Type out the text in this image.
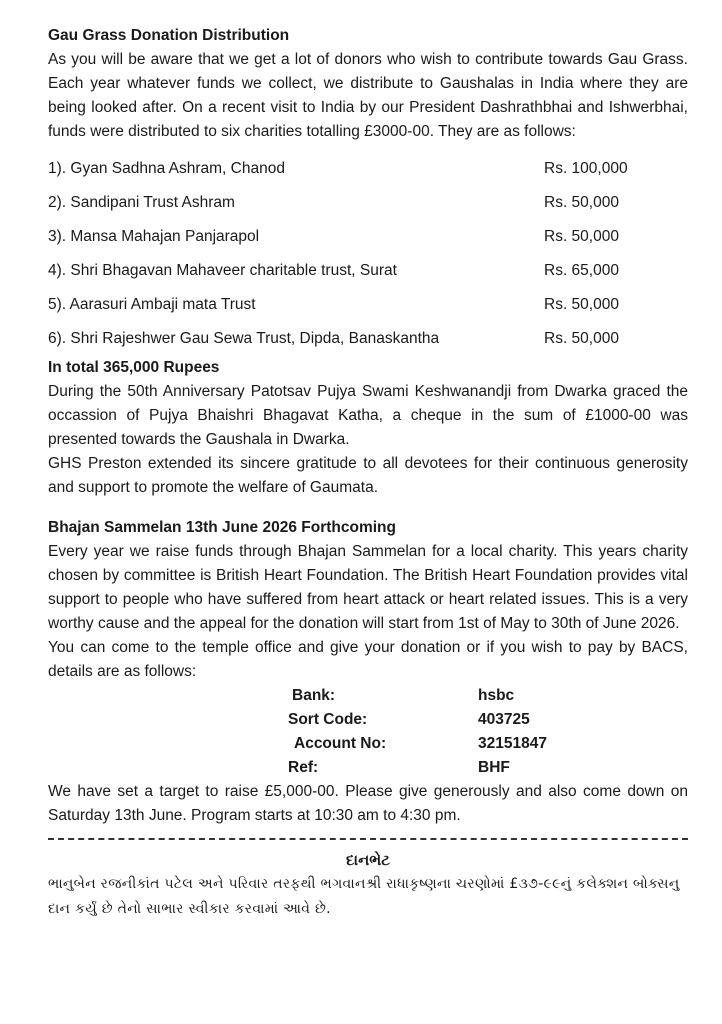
Gau Grass Donation Distribution

As you will be aware that we get a lot of donors who wish to contribute towards Gau Grass. Each year whatever funds we collect, we distribute to Gaushalas in India where they are being looked after. On a recent visit to India by our President Dashrathbhai and Ishwerbhai, funds were distributed to six charities totalling £3000-00. They are as follows:

1). Gyan Sadhna Ashram, Chanod	Rs. 100,000
2). Sandipani Trust Ashram	Rs. 50,000
3). Mansa Mahajan Panjarapol	Rs. 50,000
4). Shri Bhagavan Mahaveer charitable trust, Surat	Rs. 65,000
5). Aarasuri Ambaji mata Trust	Rs. 50,000
6). Shri Rajeshwer Gau Sewa Trust, Dipda, Banaskantha	Rs. 50,000
In total 365,000 Rupees

During the 50th Anniversary Patotsav Pujya Swami Keshwanandji from Dwarka graced the occassion of Pujya Bhaishri Bhagavat Katha, a cheque in the sum of £1000-00 was presented towards the Gaushala in Dwarka.

GHS Preston extended its sincere gratitude to all devotees for their continuous generosity and support to promote the welfare of Gaumata.

Bhajan Sammelan 13th June 2026 Forthcoming

Every year we raise funds through Bhajan Sammelan for a local charity. This years charity chosen by committee is British Heart Foundation. The British Heart Foundation provides vital support to people who have suffered from heart attack or heart related issues. This is a very worthy cause and the appeal for the donation will start from 1st of May to 30th of June 2026.

You can come to the temple office and give your donation or if you wish to pay by BACS, details are as follows:

Bank:	hsbc
Sort Code:	403725
Account No:	32151847
Ref:	BHF

We have set a target to raise £5,000-00. Please give generously and also come down on Saturday 13th June. Program starts at 10:30 am to 4:30 pm.

દાનભેટ

ભાનુબેન રજનીકાંત પટેલ અને પરિવાર તરફથી ભગવાનશ્રી રાધાકૃષ્ણના ચરણોમાં £૩૭-૯૯નું કલેક્શન બોક્સનુ દાન કર્યું છે તેનો સાભાર સ્વીકાર કરવામાં આવે છે.
